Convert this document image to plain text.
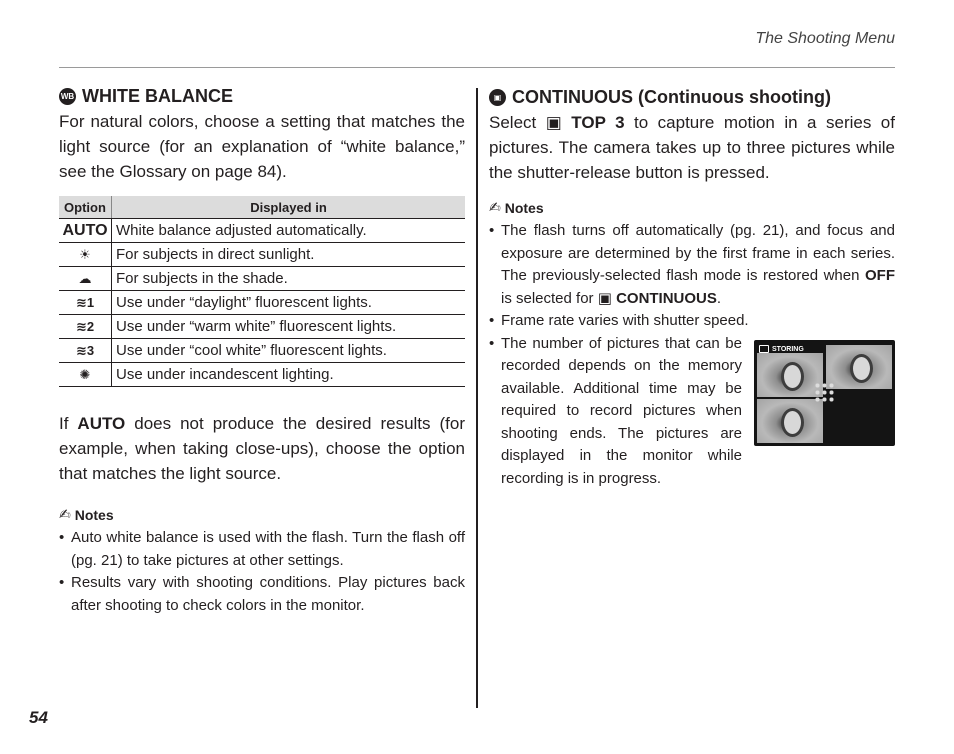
The Shooting Menu
54
WB WHITE BALANCE
For natural colors, choose a setting that matches the light source (for an explanation of “white balance,” see the Glossary on page 84).
Option	Displayed in
AUTO	White balance adjusted automatically.
☀	For subjects in direct sunlight.
☁	For subjects in the shade.
≋1	Use under “daylight” fluorescent lights.
≋2	Use under “warm white” fluorescent lights.
≋3	Use under “cool white” fluorescent lights.
✺	Use under incandescent lighting.
If AUTO does not produce the desired results (for example, when taking close-ups), choose the option that matches the light source.
✍ Notes
• Auto white balance is used with the flash. Turn the flash off (pg. 21) to take pictures at other settings.
• Results vary with shooting conditions. Play pictures back after shooting to check colors in the monitor.
▣ CONTINUOUS (Continuous shooting)
Select ▣ TOP 3 to capture motion in a series of pictures. The camera takes up to three pictures while the shutter-release button is pressed.
✍ Notes
• The flash turns off automatically (pg. 21), and focus and exposure are determined by the first frame in each series. The previously-selected flash mode is restored when OFF is selected for ▣ CONTINUOUS.
• Frame rate varies with shutter speed.
• The number of pictures that can be recorded depends on the memory available. Additional time may be required to record pictures when shooting ends. The pictures are displayed in the monitor while recording is in progress.
STORING
